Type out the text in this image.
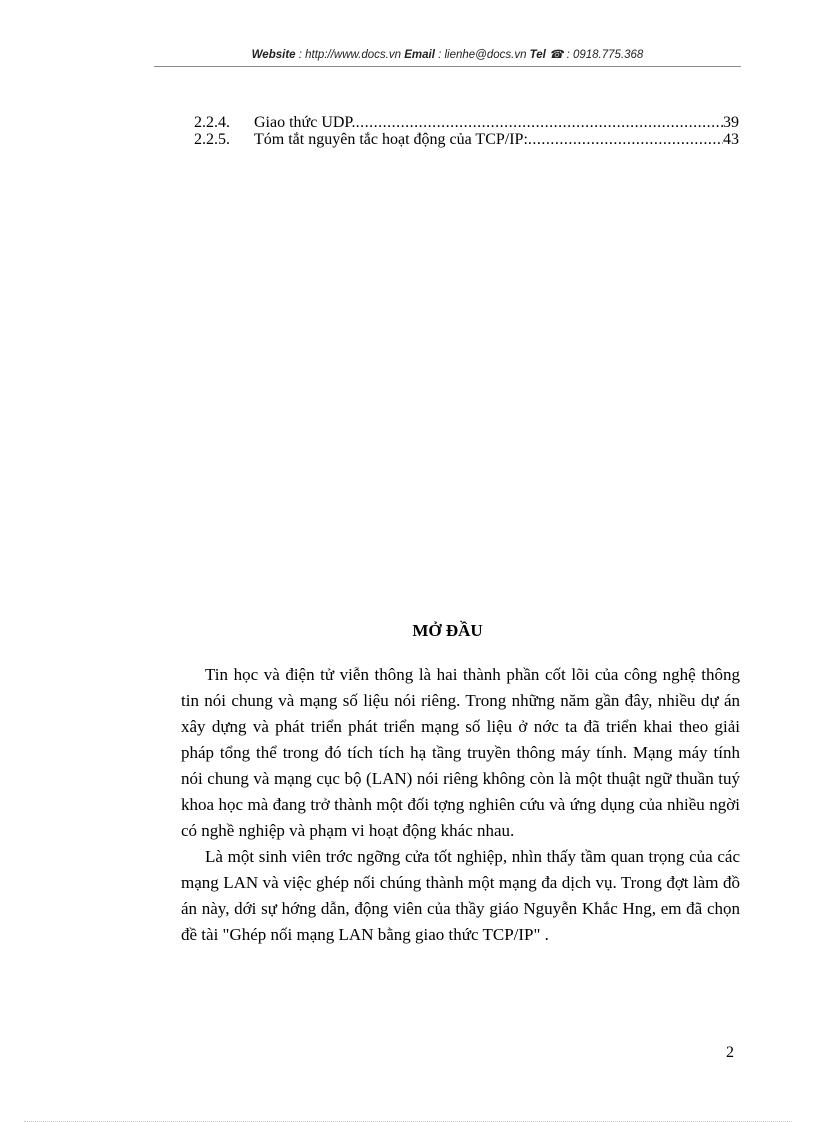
Website : http://www.docs.vn Email : lienhe@docs.vn Tel ☎ : 0918.775.368
2.2.4.	Giao thức UDP. .....	39
2.2.5.	Tóm tắt nguyên tắc hoạt động của TCP/IP: .....	43
MỞ ĐẦU

Tin học và điện tử viễn thông là hai thành phần cốt lõi của công nghệ thông tin nói chung và mạng số liệu nói riêng. Trong những năm gần đây, nhiều dự án xây dựng và phát triển phát triển mạng số liệu ở nớc ta đã triển khai theo giải pháp tổng thể trong đó tích tích hạ tầng truyền thông máy tính. Mạng máy tính nói chung và mạng cục bộ (LAN) nói riêng không còn là một thuật ngữ thuần tuý khoa học mà đang trở thành một đối tợng nghiên cứu và ứng dụng của nhiều ngời có nghề nghiệp và phạm vi hoạt động khác nhau.

Là một sinh viên trớc ngỡng cửa tốt nghiệp, nhìn thấy tầm quan trọng của các mạng LAN và việc ghép nối chúng thành một mạng đa dịch vụ. Trong đợt làm đồ án này, dới sự hớng dẫn, động viên của thầy giáo Nguyễn Khắc Hng, em đã chọn đề tài "Ghép nối mạng LAN bằng giao thức TCP/IP" .

2
